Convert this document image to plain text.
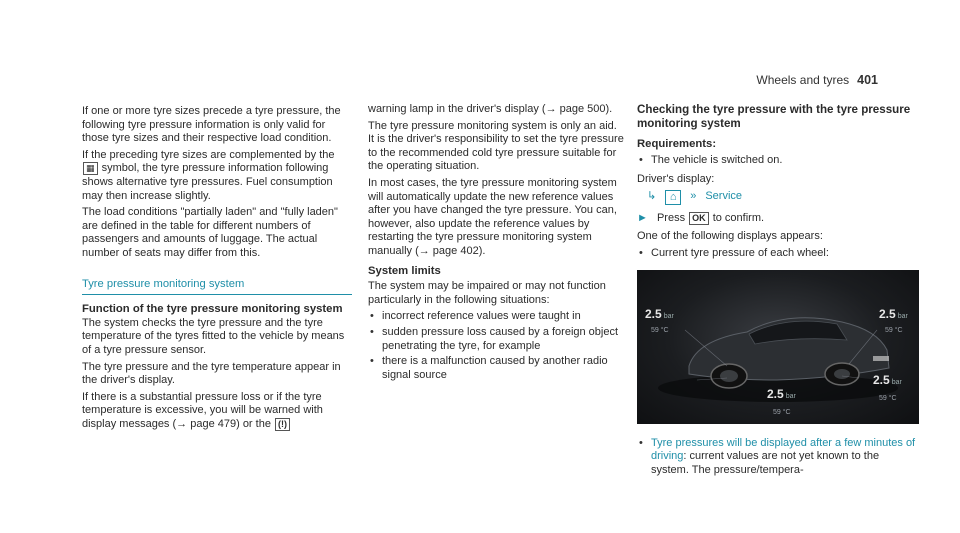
Wheels and tyres 401

If one or more tyre sizes precede a tyre pressure, the following tyre pressure information is only valid for those tyre sizes and their respective load condition.

If the preceding tyre sizes are complemented by the ▦ symbol, the tyre pressure information following shows alternative tyre pressures. Fuel consumption may then increase slightly.

The load conditions "partially laden" and "fully laden" are defined in the table for different numbers of passengers and amounts of luggage. The actual number of seats may differ from this.

Tyre pressure monitoring system
Function of the tyre pressure monitoring system

The system checks the tyre pressure and the tyre temperature of the tyres fitted to the vehicle by means of a tyre pressure sensor.

The tyre pressure and the tyre temperature appear in the driver's display.

If there is a substantial pressure loss or if the tyre temperature is excessive, you will be warned with display messages (→ page 479) or the (!)

warning lamp in the driver's display (→ page 500).

The tyre pressure monitoring system is only an aid. It is the driver's responsibility to set the tyre pressure to the recommended cold tyre pressure suitable for the operating situation.

In most cases, the tyre pressure monitoring system will automatically update the new reference values after you have changed the tyre pressure. You can, however, also update the reference values by restarting the tyre pressure monitoring system manually (→ page 402).

System limits

The system may be impaired or may not function particularly in the following situations:

• incorrect reference values were taught in
• sudden pressure loss caused by a foreign object penetrating the tyre, for example
• there is a malfunction caused by another radio signal source
Checking the tyre pressure with the tyre pressure monitoring system
Requirements:
• The vehicle is switched on.

Driver's display:

↳	⌂	» Service

► Press OK to confirm.

One of the following displays appears:

• Current tyre pressure of each wheel:
2.5 bar
59 °C
2.5 bar
59 °C
2.5 bar
59 °C
2.5 bar
59 °C
• Tyre pressures will be displayed after a few minutes of driving: current values are not yet known to the system. The pressure/tempera-
